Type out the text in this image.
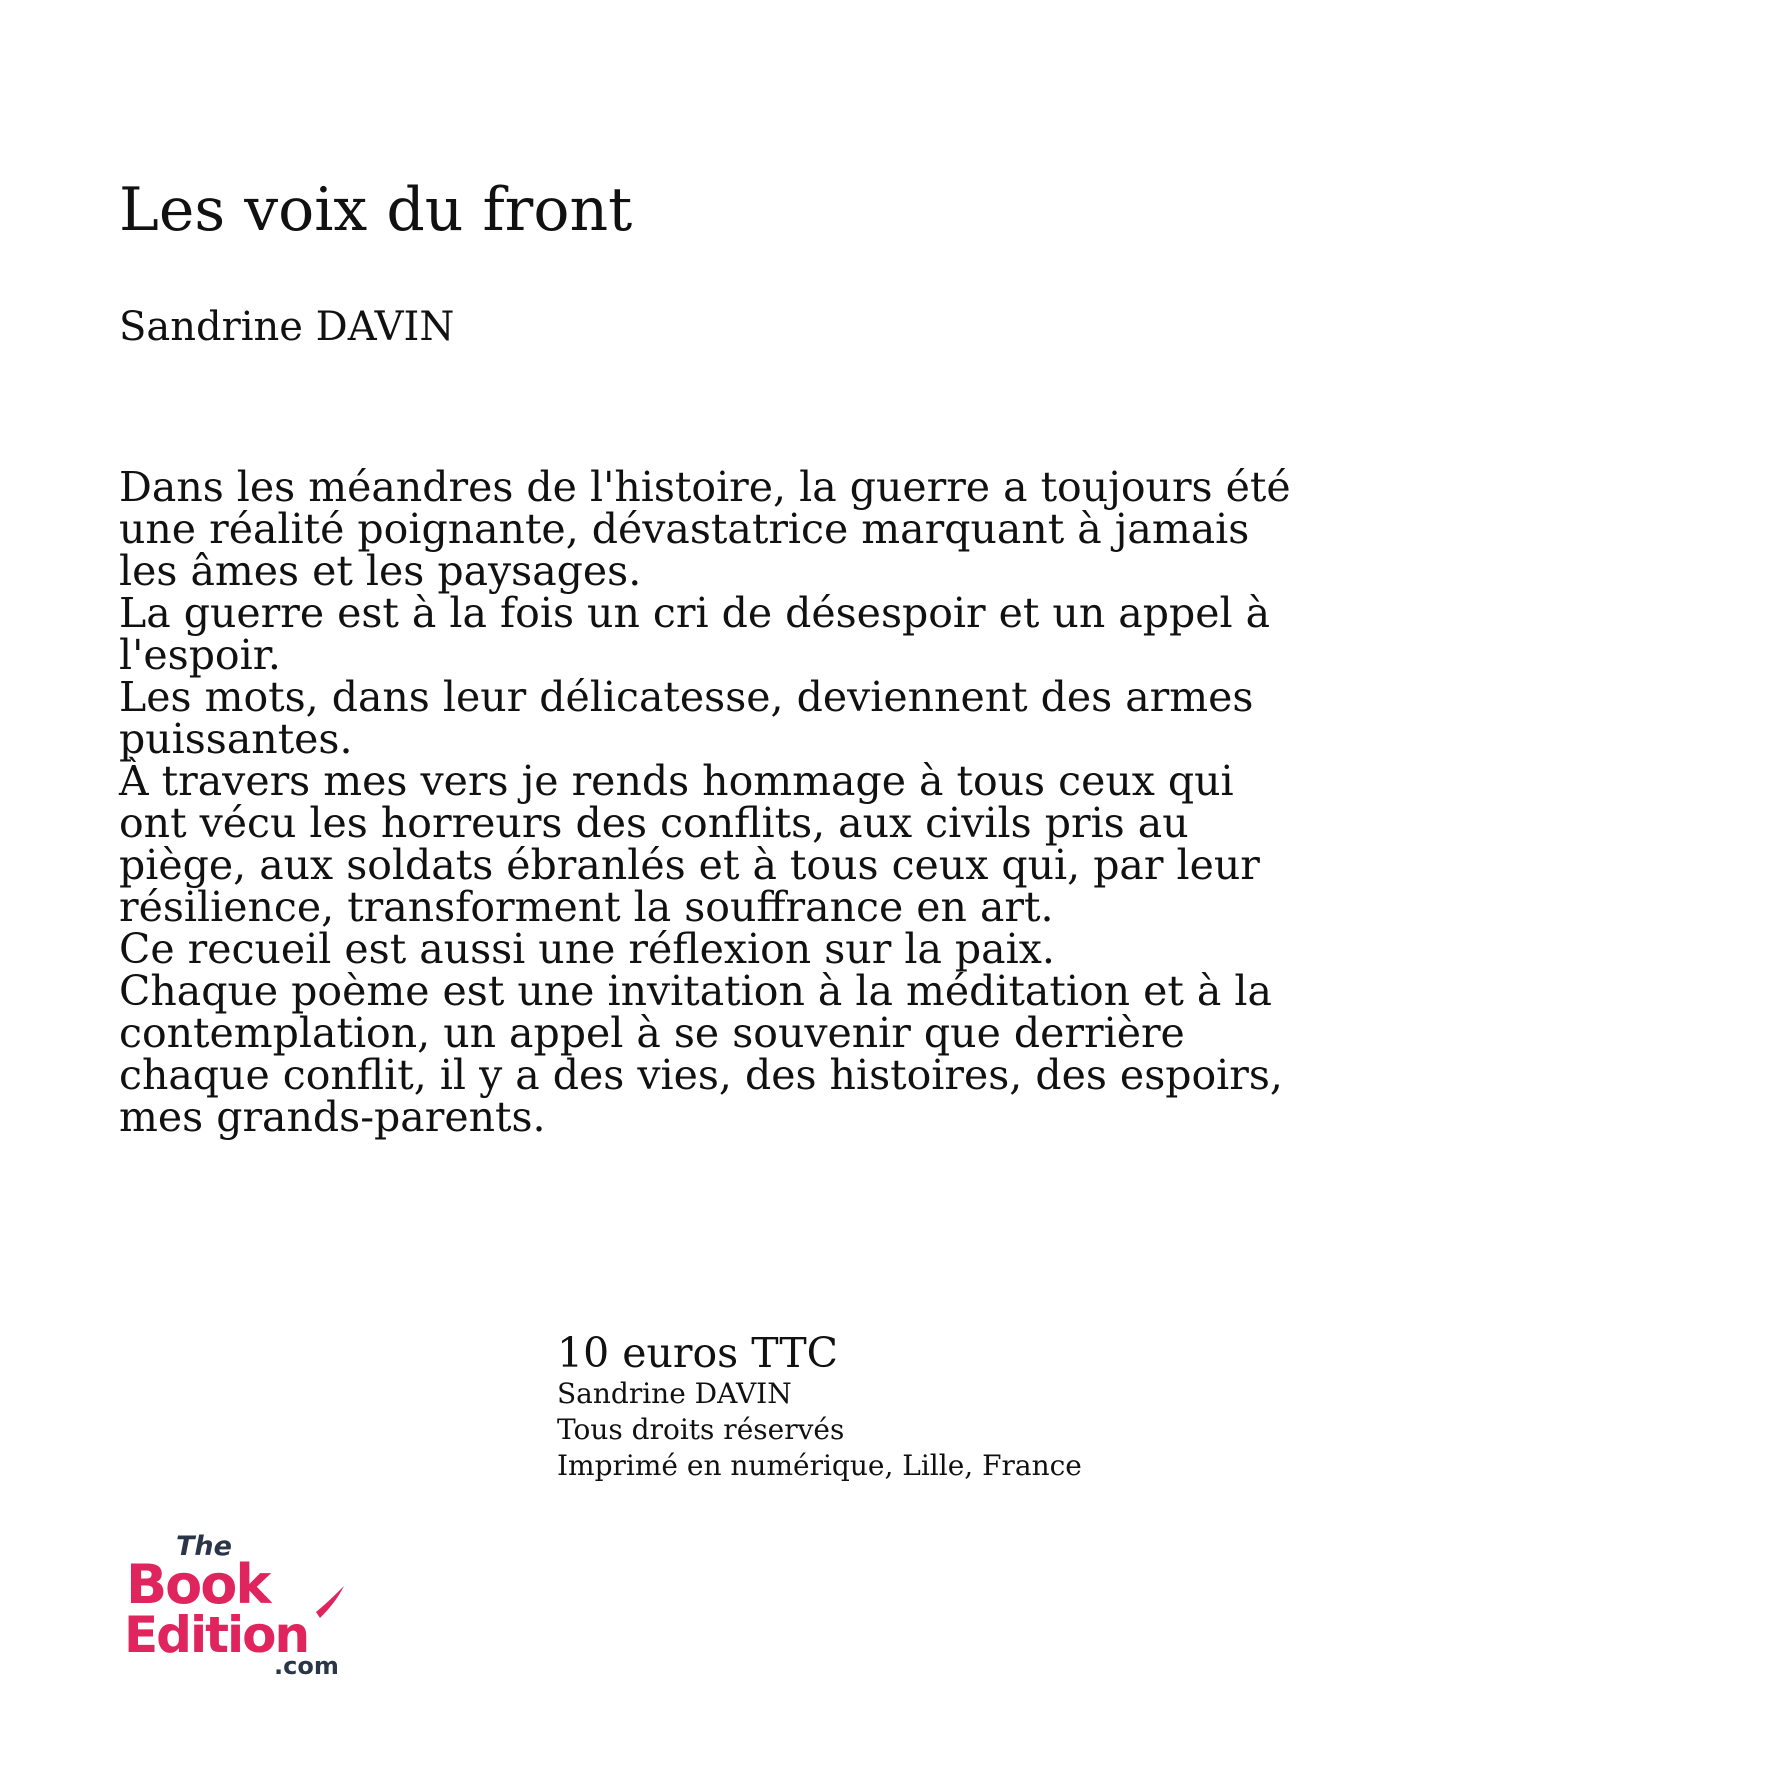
Les voix du front
Sandrine DAVIN
Dans les méandres de l'histoire, la guerre a toujours été
une réalité poignante, dévastatrice marquant à jamais
les âmes et les paysages.
La guerre est à la fois un cri de désespoir et un appel à
l'espoir.
Les mots, dans leur délicatesse, deviennent des armes
puissantes.
À travers mes vers je rends hommage à tous ceux qui
ont vécu les horreurs des conflits, aux civils pris au
piège, aux soldats ébranlés et à tous ceux qui, par leur
résilience, transforment la souffrance en art.
Ce recueil est aussi une réflexion sur la paix.
Chaque poème est une invitation à la méditation et à la
contemplation, un appel à se souvenir que derrière
chaque conflit, il y a des vies, des histoires, des espoirs,
mes grands-parents.
10 euros TTC
Sandrine DAVIN
Tous droits réservés
Imprimé en numérique, Lille, France
The
Book
Edition
.com
